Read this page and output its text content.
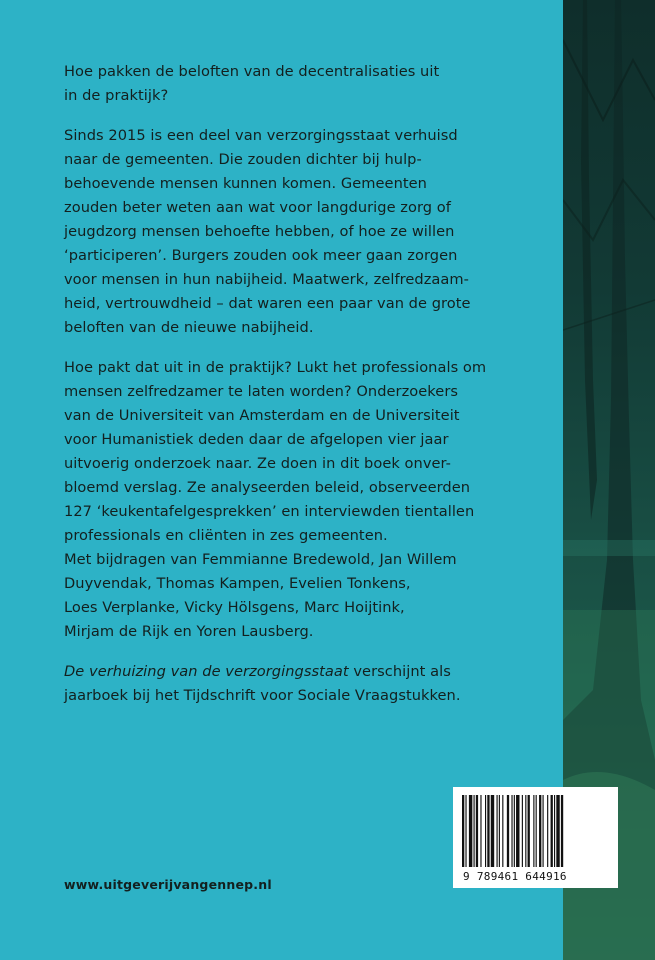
Hoe pakken de beloften van de decentralisaties uit
in de praktijk?

Sinds 2015 is een deel van verzorgingsstaat verhuisd
naar de gemeenten. Die zouden dichter bij hulp-
behoevende mensen kunnen komen. Gemeenten
zouden beter weten aan wat voor langdurige zorg of
jeugdzorg mensen behoefte hebben, of hoe ze willen
‘participeren’. Burgers zouden ook meer gaan zorgen
voor mensen in hun nabijheid. Maatwerk, zelfredzaam-
heid, vertrouwdheid – dat waren een paar van de grote
beloften van de nieuwe nabijheid.

Hoe pakt dat uit in de praktijk? Lukt het professionals om
mensen zelfredzamer te laten worden? Onderzoekers
van de Universiteit van Amsterdam en de Universiteit
voor Humanistiek deden daar de afgelopen vier jaar
uitvoerig onderzoek naar. Ze doen in dit boek onver-
bloemd verslag. Ze analyseerden beleid, observeerden
127 ‘keukentafelgesprekken’ en interviewden tientallen
professionals en cliënten in zes gemeenten.
Met bijdragen van Femmianne Bredewold, Jan Willem
Duyvendak, Thomas Kampen, Evelien Tonkens,
Loes Verplanke, Vicky Hölsgens, Marc Hoijtink,
Mirjam de Rijk en Yoren Lausberg.

De verhuizing van de verzorgingsstaat verschijnt als
jaarboek bij het Tijdschrift voor Sociale Vraagstukken.

www.uitgeverijvangennep.nl
9 789461 644916
